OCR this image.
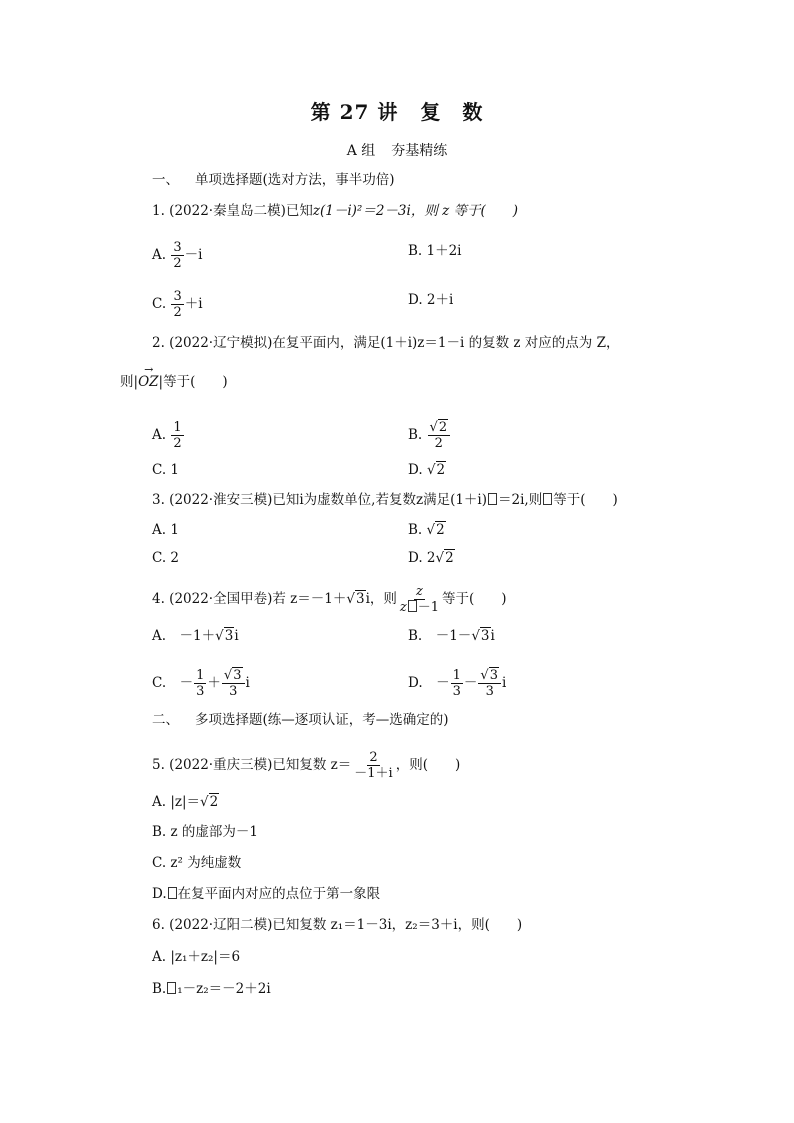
第 27 讲 复　数
A 组 夯基精练
一、 单项选择题(选对方法，事半功倍)
1. (2022·秦皇岛二模)已知z(1－i)²＝2－3i，则 z 等于(　　)
A. $\frac{3}{2} -i$	B. 1＋2i
C. $\frac{3}{2} +i$	D. 2＋i
2. (2022·辽宁模拟)在复平面内，满足(1＋i)z＝1－i 的复数 z 对应的点为 Z，
则|→ OZ|等于(　　)
A. $\frac{1}{2}$	B. $\frac{√2}{2}$
C. 1	D. √2
3. (2022·淮安三模)已知i为虚数单位,若复数z满足(1＋i) ＝2i,则 等于(　　)
A. 1	B. √2
C. 2	D. 2√2
4. (2022·全国甲卷)若 z＝－1＋√3i，则 $\frac{z}{z -1}$ 等于(　　)
A.　－1＋√3i	B.　－1－√3i
C.　－ $\frac{1}{3} + \frac{√3}{3}$ i	D.　－ $\frac{1}{3} - \frac{√3}{3}$ i
二、 多项选择题(练—逐项认证，考—选确定的)
5. (2022·重庆三模)已知复数 $z= \frac{2}{-1+i}$ ，则(　　)
A. |z|＝√2
B. z 的虚部为－1
C. z² 为纯虚数
D. 在复平面内对应的点位于第一象限
6. (2022·辽阳二模)已知复数 z₁＝1－3i，z₂＝3＋i，则(　　)
A. |z₁＋z₂|＝6
B. ₁－z₂＝－2＋2i
